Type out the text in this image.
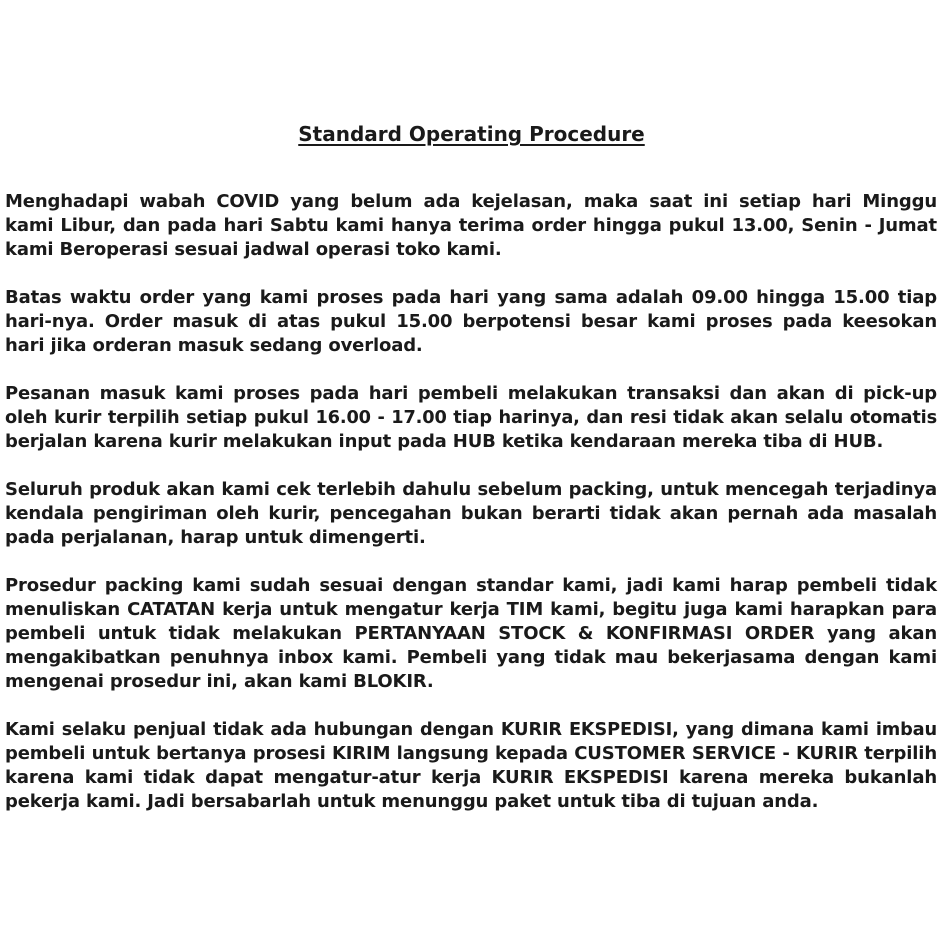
Standard Operating Procedure
Menghadapi wabah COVID yang belum ada kejelasan, maka saat ini setiap hari Minggu
kami Libur, dan pada hari Sabtu kami hanya terima order hingga pukul 13.00, Senin - Jumat
kami Beroperasi sesuai jadwal operasi toko kami.
Batas waktu order yang kami proses pada hari yang sama adalah 09.00 hingga 15.00 tiap
hari-nya. Order masuk di atas pukul 15.00 berpotensi besar kami proses pada keesokan
hari jika orderan masuk sedang overload.
Pesanan masuk kami proses pada hari pembeli melakukan transaksi dan akan di pick-up
oleh kurir terpilih setiap pukul 16.00 - 17.00 tiap harinya, dan resi tidak akan selalu otomatis
berjalan karena kurir melakukan input pada HUB ketika kendaraan mereka tiba di HUB.
Seluruh produk akan kami cek terlebih dahulu sebelum packing, untuk mencegah terjadinya
kendala pengiriman oleh kurir, pencegahan bukan berarti tidak akan pernah ada masalah
pada perjalanan, harap untuk dimengerti.
Prosedur packing kami sudah sesuai dengan standar kami, jadi kami harap pembeli tidak
menuliskan CATATAN kerja untuk mengatur kerja TIM kami, begitu juga kami harapkan para
pembeli untuk tidak melakukan PERTANYAAN STOCK & KONFIRMASI ORDER yang akan
mengakibatkan penuhnya inbox kami. Pembeli yang tidak mau bekerjasama dengan kami
mengenai prosedur ini, akan kami BLOKIR.
Kami selaku penjual tidak ada hubungan dengan KURIR EKSPEDISI, yang dimana kami imbau
pembeli untuk bertanya prosesi KIRIM langsung kepada CUSTOMER SERVICE - KURIR terpilih
karena kami tidak dapat mengatur-atur kerja KURIR EKSPEDISI karena mereka bukanlah
pekerja kami. Jadi bersabarlah untuk menunggu paket untuk tiba di tujuan anda.
